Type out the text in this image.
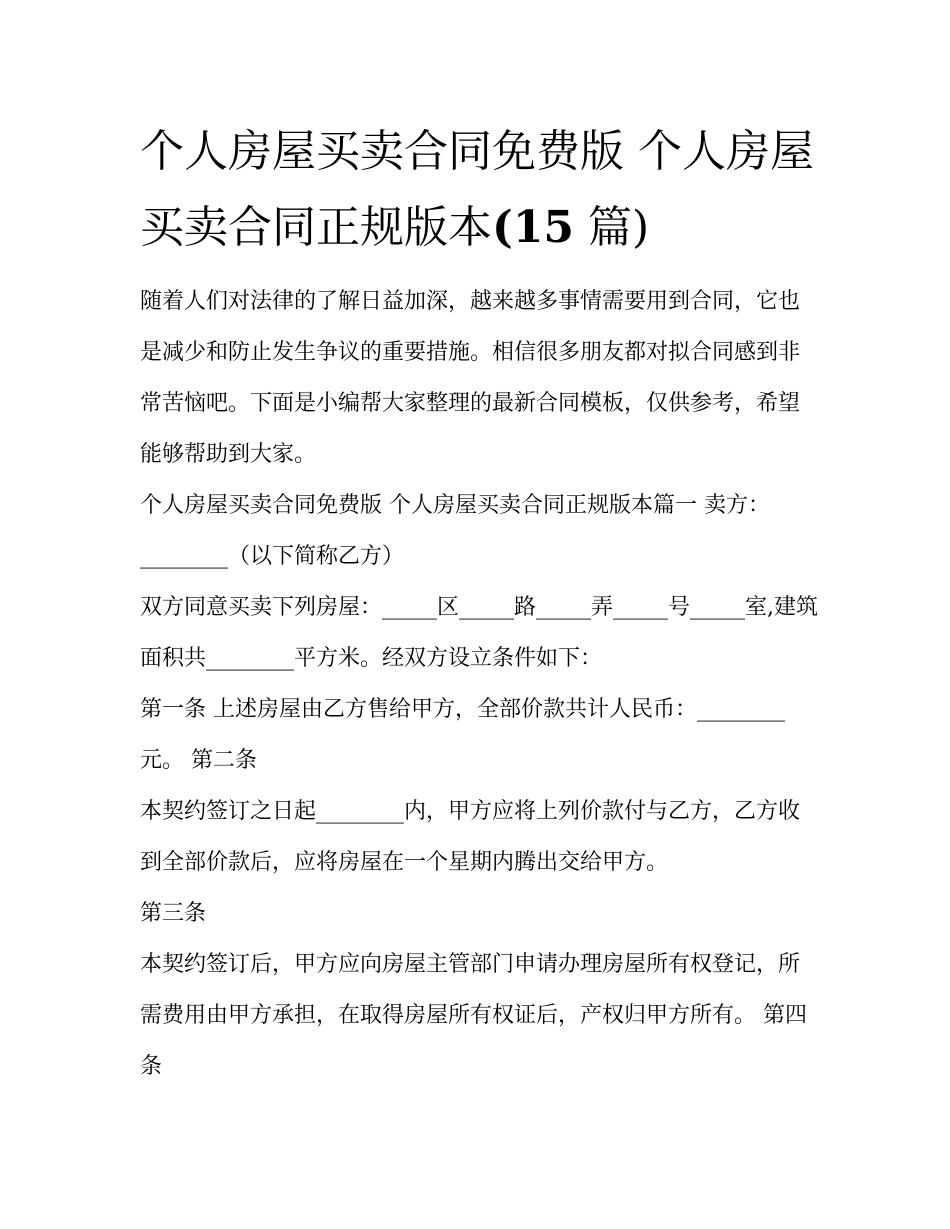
个人房屋买卖合同免费版 个人房屋买卖合同正规版本(15 篇)

随着人们对法律的了解日益加深，越来越多事情需要用到合同，它也是减少和防止发生争议的重要措施。相信很多朋友都对拟合同感到非常苦恼吧。下面是小编帮大家整理的最新合同模板，仅供参考，希望能够帮助到大家。

个人房屋买卖合同免费版 个人房屋买卖合同正规版本篇一 卖方：________（以下简称乙方）

双方同意买卖下列房屋：_____区_____路_____弄_____号_____室,建筑面积共________平方米。经双方设立条件如下：

第一条 上述房屋由乙方售给甲方，全部价款共计人民币：________元。 第二条

本契约签订之日起________内，甲方应将上列价款付与乙方，乙方收到全部价款后，应将房屋在一个星期内腾出交给甲方。

第三条

本契约签订后，甲方应向房屋主管部门申请办理房屋所有权登记，所需费用由甲方承担，在取得房屋所有权证后，产权归甲方所有。 第四条
